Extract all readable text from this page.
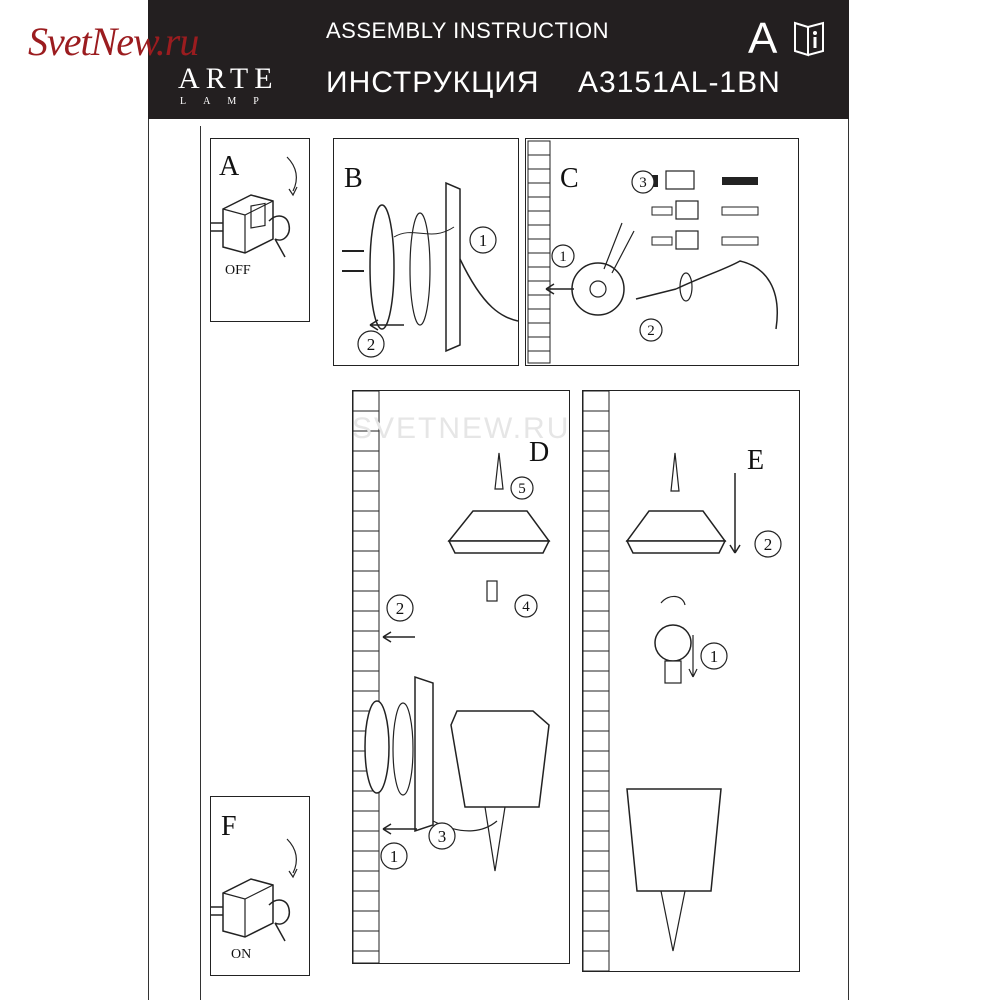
SvetNew.ru
ARTE
LAMP
ASSEMBLY INSTRUCTION
ИНСТРУКЦИЯ A3151AL-1BN
A
A
OFF
B
1
2
C	3
1
2
D
5
4
2
1
3
E
2
1
F
ON
SVETNEW.RU
